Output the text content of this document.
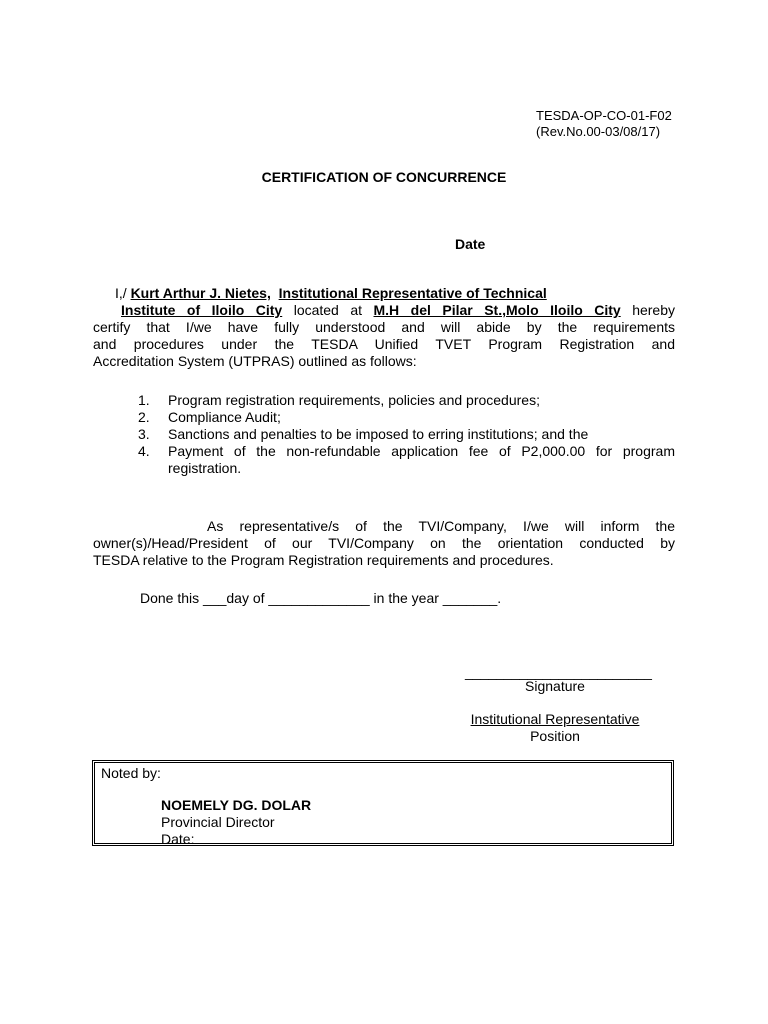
TESDA-OP-CO-01-F02
(Rev.No.00-03/08/17)
CERTIFICATION OF CONCURRENCE
Date
I,/ Kurt Arthur J. Nietes, Institutional Representative of Technical
Institute of Iloilo City located at M.H del Pilar St.,Molo Iloilo City hereby
certify that I/we have fully understood and will abide by the requirements
and procedures under the TESDA Unified TVET Program Registration and
Accreditation System (UTPRAS) outlined as follows:
1. Program registration requirements, policies and procedures;
2. Compliance Audit;
3. Sanctions and penalties to be imposed to erring institutions; and the
4. Payment of the non-refundable application fee of P2,000.00 for program registration.
As representative/s of the TVI/Company, I/we will inform the
owner(s)/Head/President of our TVI/Company on the orientation conducted by
TESDA relative to the Program Registration requirements and procedures.
Done this ___day of _____________ in the year _______.
________________________
Signature
Institutional Representative
Position
Noted by:
NOEMELY DG. DOLAR
Provincial Director
Date:
